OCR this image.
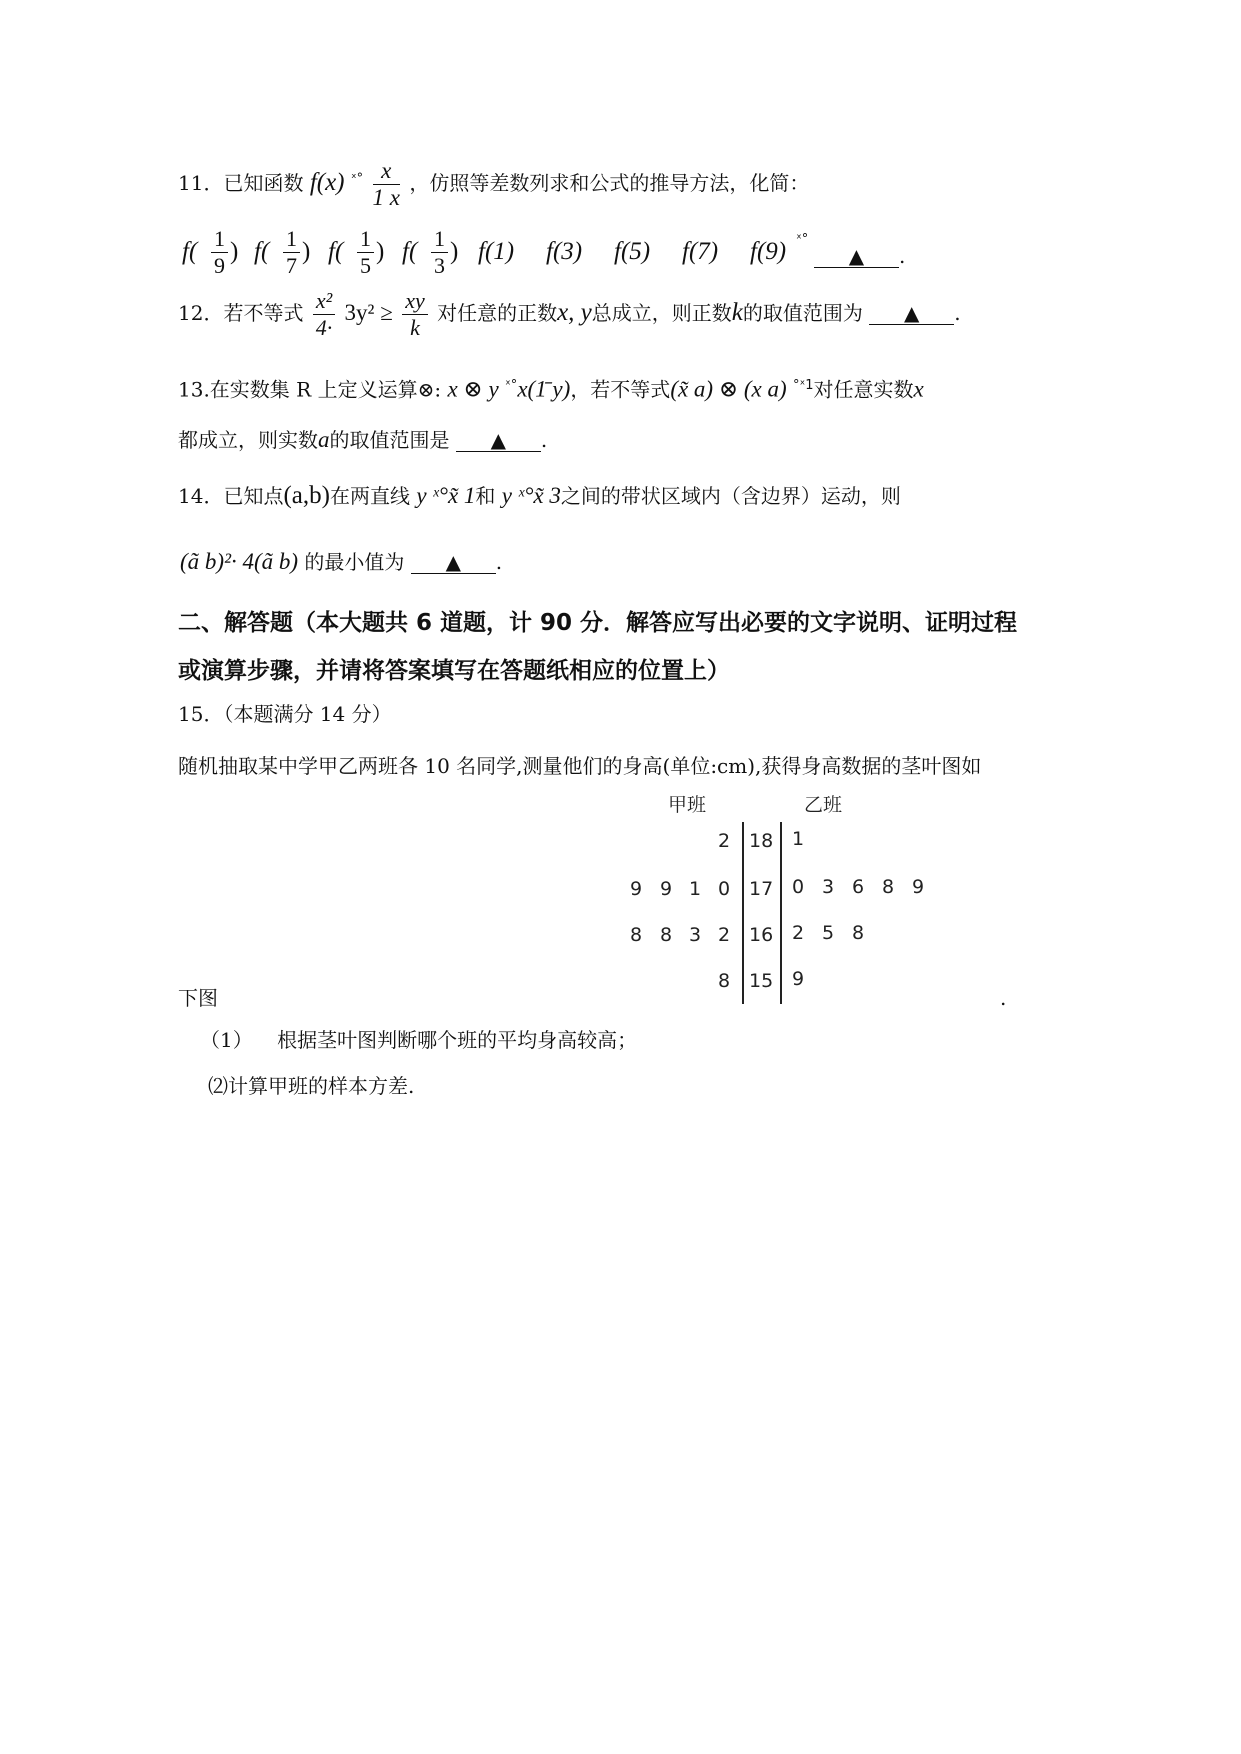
11．已知函数 f(x) $^{ˣ^\circ} \frac{x}{1 x}$ ，仿照等差数列求和公式的推导方法，化简：
$f( \frac{1}{9}$ ) $f( \frac{1}{7}$ ) $f( \frac{1}{5}$ ) $f( \frac{1}{3}$ ) f(1) f(3) f(5) f(7) f(9) ˣ°
▲ .
12．若不等式 $\frac{\text{x²}}{4\cdot} 3y^2 \ge \frac{xy}{k}$ 对任意的正数x, y总成立，则正数k的取值范围为 ▲ .
13.在实数集 R 上定义运算⊗: x ⊗ y $^{ˣ^\circ}$x(1̄ y)，若不等式(x̃ a) ⊗ (x a) $^{^\circ ˣ1}$对任意实数x
都成立，则实数a的取值范围是 ▲ .
14．已知点(a,b)在两直线 y ˣ°x̃ 1和 y ˣ°x̃ 3之间的带状区域内（含边界）运动，则
(ã b)²· 4(ã b) 的最小值为 ▲ .
二、解答题（本大题共 6 道题，计 90 分．解答应写出必要的文字说明、证明过程
或演算步骤，并请将答案填写在答题纸相应的位置上）
15．（本题满分 14 分）
随机抽取某中学甲乙两班各 10 名同学,测量他们的身高(单位:cm),获得身高数据的茎叶图如
甲班	乙班
2 18 1
9 9 1 0 17 0 3 6 8 9
8 8 3 2 16 2 5 8
8 15 9
下图	.
（1） 根据茎叶图判断哪个班的平均身高较高；
⑵计算甲班的样本方差.
